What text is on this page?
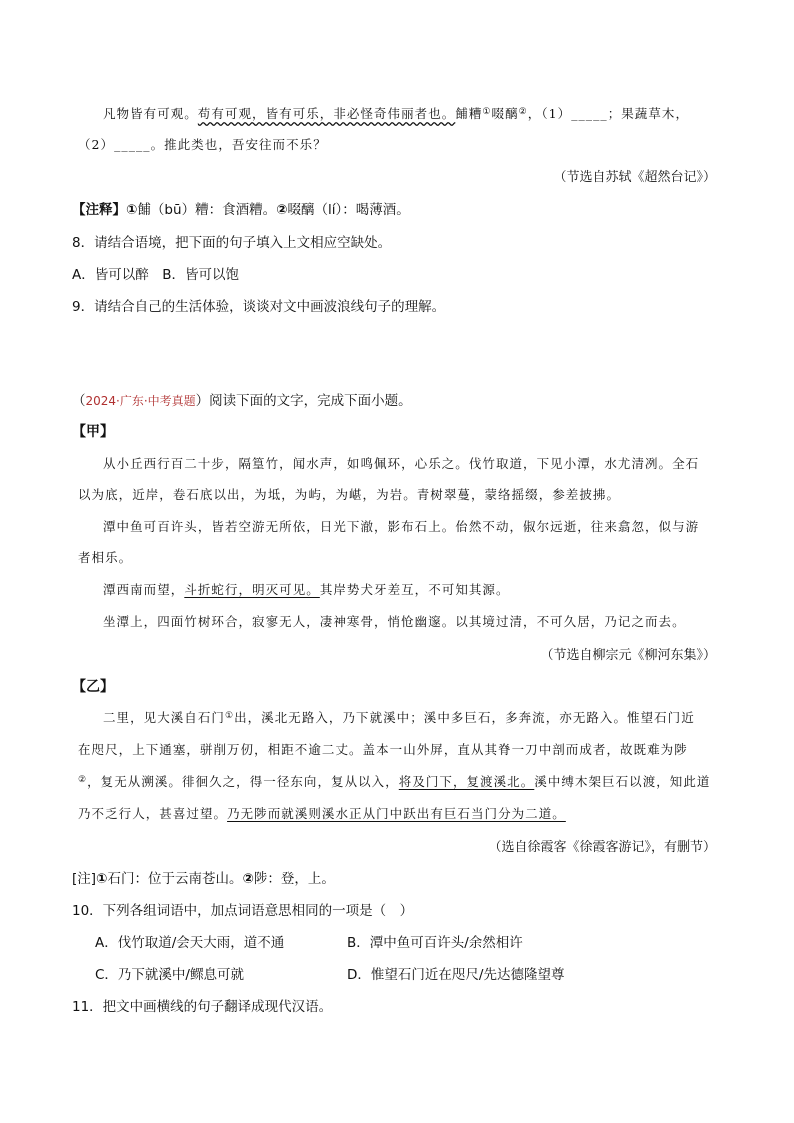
凡物皆有可观。苟有可观，皆有可乐，非必怪奇伟丽者也。餔糟①啜醨②，（1）_____；果蔬草木，
（2）_____。推此类也，吾安往而不乐？
（节选自苏轼《超然台记》）
【注释】①餔（bū）糟：食酒糟。②啜醨（lí）：喝薄酒。
8．请结合语境，把下面的句子填入上文相应空缺处。
A．皆可以醉　B．皆可以饱
9．请结合自己的生活体验，谈谈对文中画波浪线句子的理解。
（2024·广东·中考真题）阅读下面的文字，完成下面小题。
【甲】
从小丘西行百二十步，隔篁竹，闻水声，如鸣佩环，心乐之。伐竹取道，下见小潭，水尤清冽。全石
以为底，近岸，卷石底以出，为坻，为屿，为嵁，为岩。青树翠蔓，蒙络摇缀，参差披拂。
潭中鱼可百许头，皆若空游无所依，日光下澈，影布石上。佁然不动，俶尔远逝，往来翕忽，似与游
者相乐。
潭西南而望，斗折蛇行，明灭可见。其岸势犬牙差互，不可知其源。
坐潭上，四面竹树环合，寂寥无人，凄神寒骨，悄怆幽邃。以其境过清，不可久居，乃记之而去。
（节选自柳宗元《柳河东集》）
【乙】
二里，见大溪自石门①出，溪北无路入，乃下就溪中；溪中多巨石，多奔流，亦无路入。惟望石门近
在咫尺，上下通塞，骈削万仞，相距不逾二丈。盖本一山外屏，直从其脊一刀中剖而成者，故既难为陟
②，复无从溯溪。徘徊久之，得一径东向，复从以入，将及门下，复渡溪北。溪中缚木架巨石以渡，知此道
乃不乏行人，甚喜过望。乃无陟而就溪则溪水正从门中跃出有巨石当门分为二道。
（选自徐霞客《徐霞客游记》，有删节）
[注]①石门：位于云南苍山。②陟：登，上。
10．下列各组词语中，加点词语意思相同的一项是（　）
A．伐竹取道/会天大雨，道不通	B．潭中鱼可百许头/余然相许
C．乃下就溪中/鳏息可就	D．惟望石门近在咫尺/先达德隆望尊
11．把文中画横线的句子翻译成现代汉语。
